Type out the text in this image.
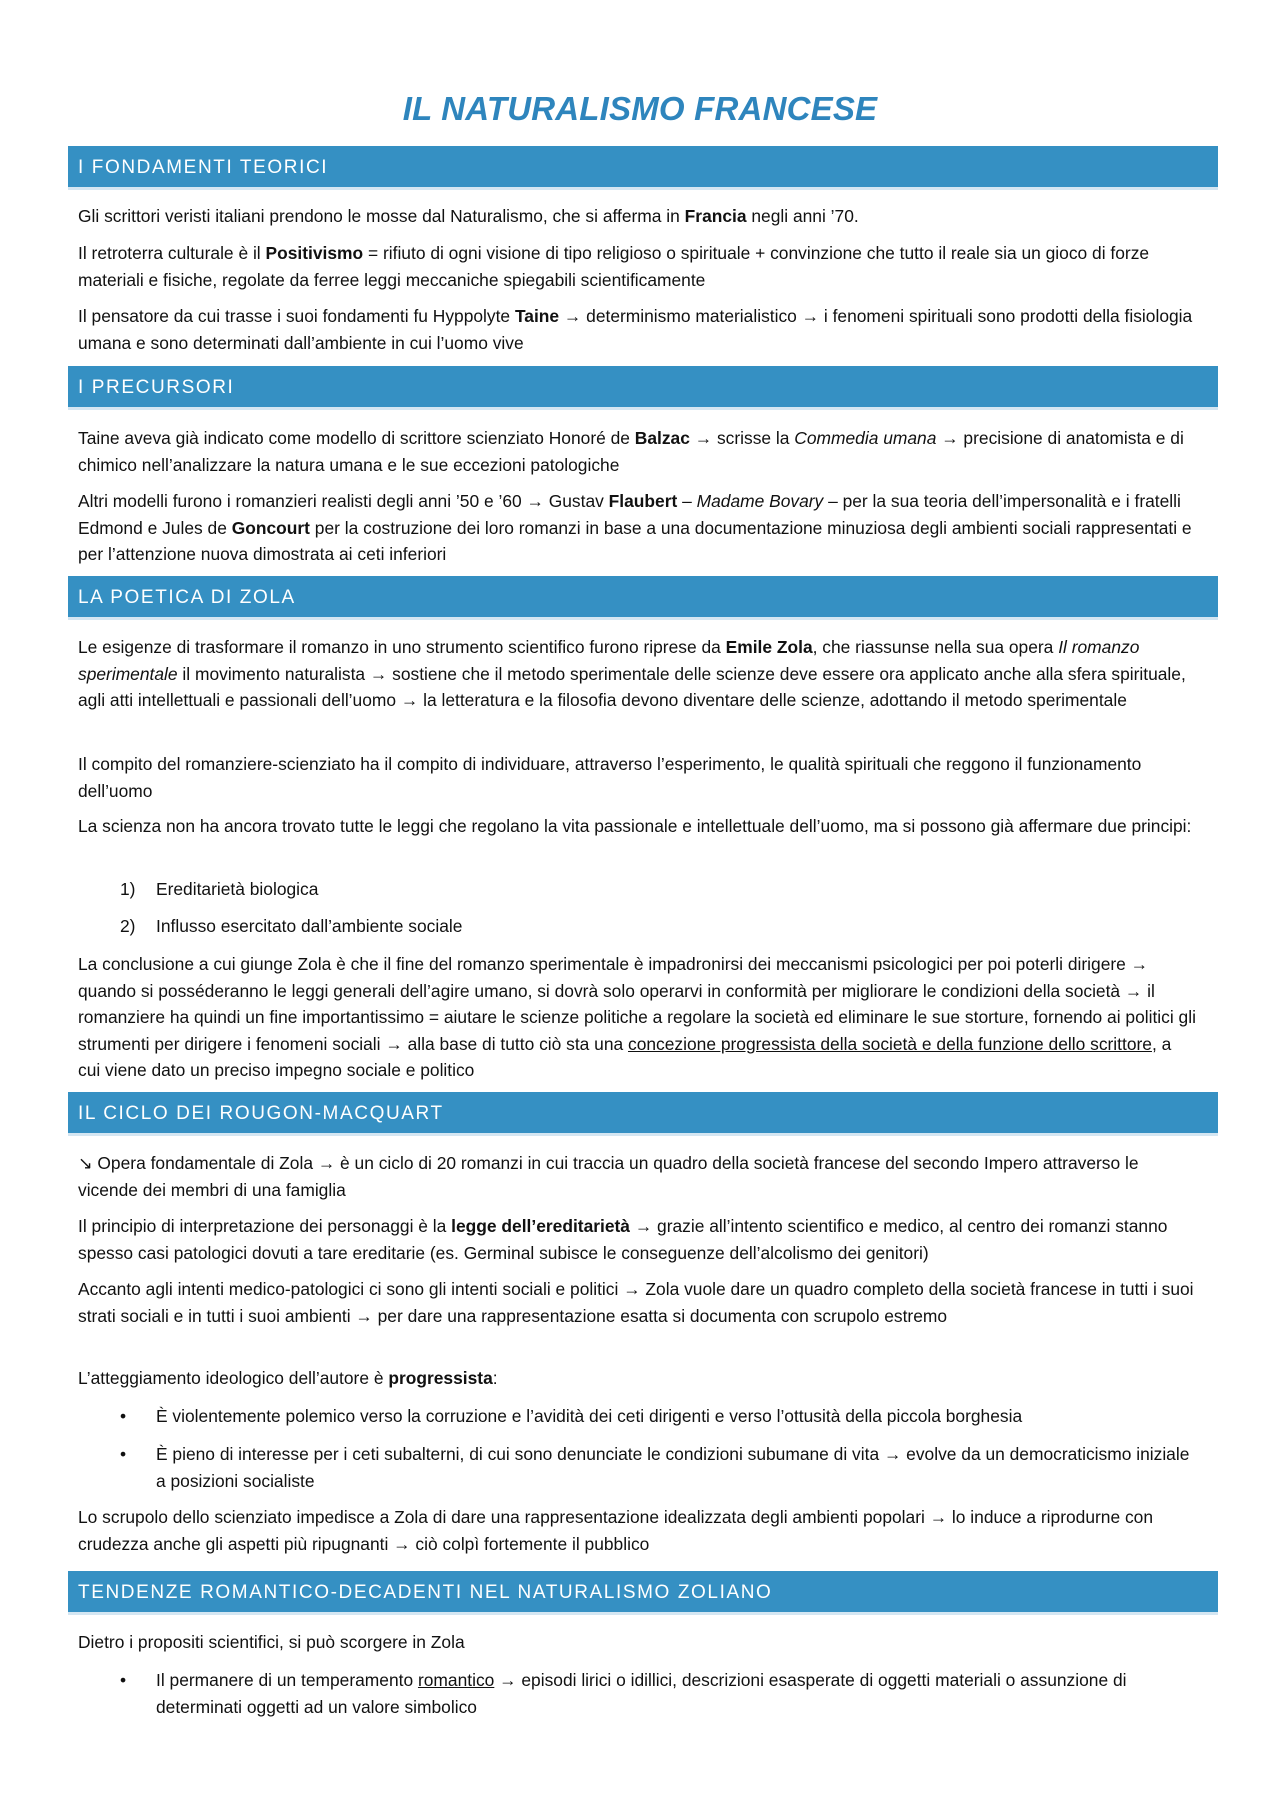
IL NATURALISMO FRANCESE
I FONDAMENTI TEORICI
Gli scrittori veristi italiani prendono le mosse dal Naturalismo, che si afferma in Francia negli anni ’70.
Il retroterra culturale è il Positivismo = rifiuto di ogni visione di tipo religioso o spirituale + convinzione che tutto il reale sia un gioco di forze materiali e fisiche, regolate da ferree leggi meccaniche spiegabili scientificamente
Il pensatore da cui trasse i suoi fondamenti fu Hyppolyte Taine → determinismo materialistico → i fenomeni spirituali sono prodotti della fisiologia umana e sono determinati dall’ambiente in cui l’uomo vive
I PRECURSORI
Taine aveva già indicato come modello di scrittore scienziato Honoré de Balzac → scrisse la Commedia umana → precisione di anatomista e di chimico nell’analizzare la natura umana e le sue eccezioni patologiche
Altri modelli furono i romanzieri realisti degli anni ’50 e ’60 → Gustav Flaubert – Madame Bovary – per la sua teoria dell’impersonalità e i fratelli Edmond e Jules de Goncourt per la costruzione dei loro romanzi in base a una documentazione minuziosa degli ambienti sociali rappresentati e per l’attenzione nuova dimostrata ai ceti inferiori
LA POETICA DI ZOLA
Le esigenze di trasformare il romanzo in uno strumento scientifico furono riprese da Emile Zola, che riassunse nella sua opera Il romanzo sperimentale il movimento naturalista → sostiene che il metodo sperimentale delle scienze deve essere ora applicato anche alla sfera spirituale, agli atti intellettuali e passionali dell’uomo → la letteratura e la filosofia devono diventare delle scienze, adottando il metodo sperimentale
Il compito del romanziere-scienziato ha il compito di individuare, attraverso l’esperimento, le qualità spirituali che reggono il funzionamento dell’uomo
La scienza non ha ancora trovato tutte le leggi che regolano la vita passionale e intellettuale dell’uomo, ma si possono già affermare due principi:
1)	Ereditarietà biologica
2)	Influsso esercitato dall’ambiente sociale
La conclusione a cui giunge Zola è che il fine del romanzo sperimentale è impadronirsi dei meccanismi psicologici per poi poterli dirigere → quando si posséderanno le leggi generali dell’agire umano, si dovrà solo operarvi in conformità per migliorare le condizioni della società → il romanziere ha quindi un fine importantissimo = aiutare le scienze politiche a regolare la società ed eliminare le sue storture, fornendo ai politici gli strumenti per dirigere i fenomeni sociali → alla base di tutto ciò sta una concezione progressista della società e della funzione dello scrittore, a cui viene dato un preciso impegno sociale e politico
IL CICLO DEI ROUGON-MACQUART
↘ Opera fondamentale di Zola → è un ciclo di 20 romanzi in cui traccia un quadro della società francese del secondo Impero attraverso le vicende dei membri di una famiglia
Il principio di interpretazione dei personaggi è la legge dell’ereditarietà → grazie all’intento scientifico e medico, al centro dei romanzi stanno spesso casi patologici dovuti a tare ereditarie (es. Germinal subisce le conseguenze dell’alcolismo dei genitori)
Accanto agli intenti medico-patologici ci sono gli intenti sociali e politici → Zola vuole dare un quadro completo della società francese in tutti i suoi strati sociali e in tutti i suoi ambienti → per dare una rappresentazione esatta si documenta con scrupolo estremo
L’atteggiamento ideologico dell’autore è progressista:
•	È violentemente polemico verso la corruzione e l’avidità dei ceti dirigenti e verso l’ottusità della piccola borghesia
•	È pieno di interesse per i ceti subalterni, di cui sono denunciate le condizioni subumane di vita → evolve da un democraticismo iniziale a posizioni socialiste
Lo scrupolo dello scienziato impedisce a Zola di dare una rappresentazione idealizzata degli ambienti popolari → lo induce a riprodurne con crudezza anche gli aspetti più ripugnanti → ciò colpì fortemente il pubblico
TENDENZE ROMANTICO-DECADENTI NEL NATURALISMO ZOLIANO
Dietro i propositi scientifici, si può scorgere in Zola
•	Il permanere di un temperamento romantico → episodi lirici o idillici, descrizioni esasperate di oggetti materiali o assunzione di determinati oggetti ad un valore simbolico
